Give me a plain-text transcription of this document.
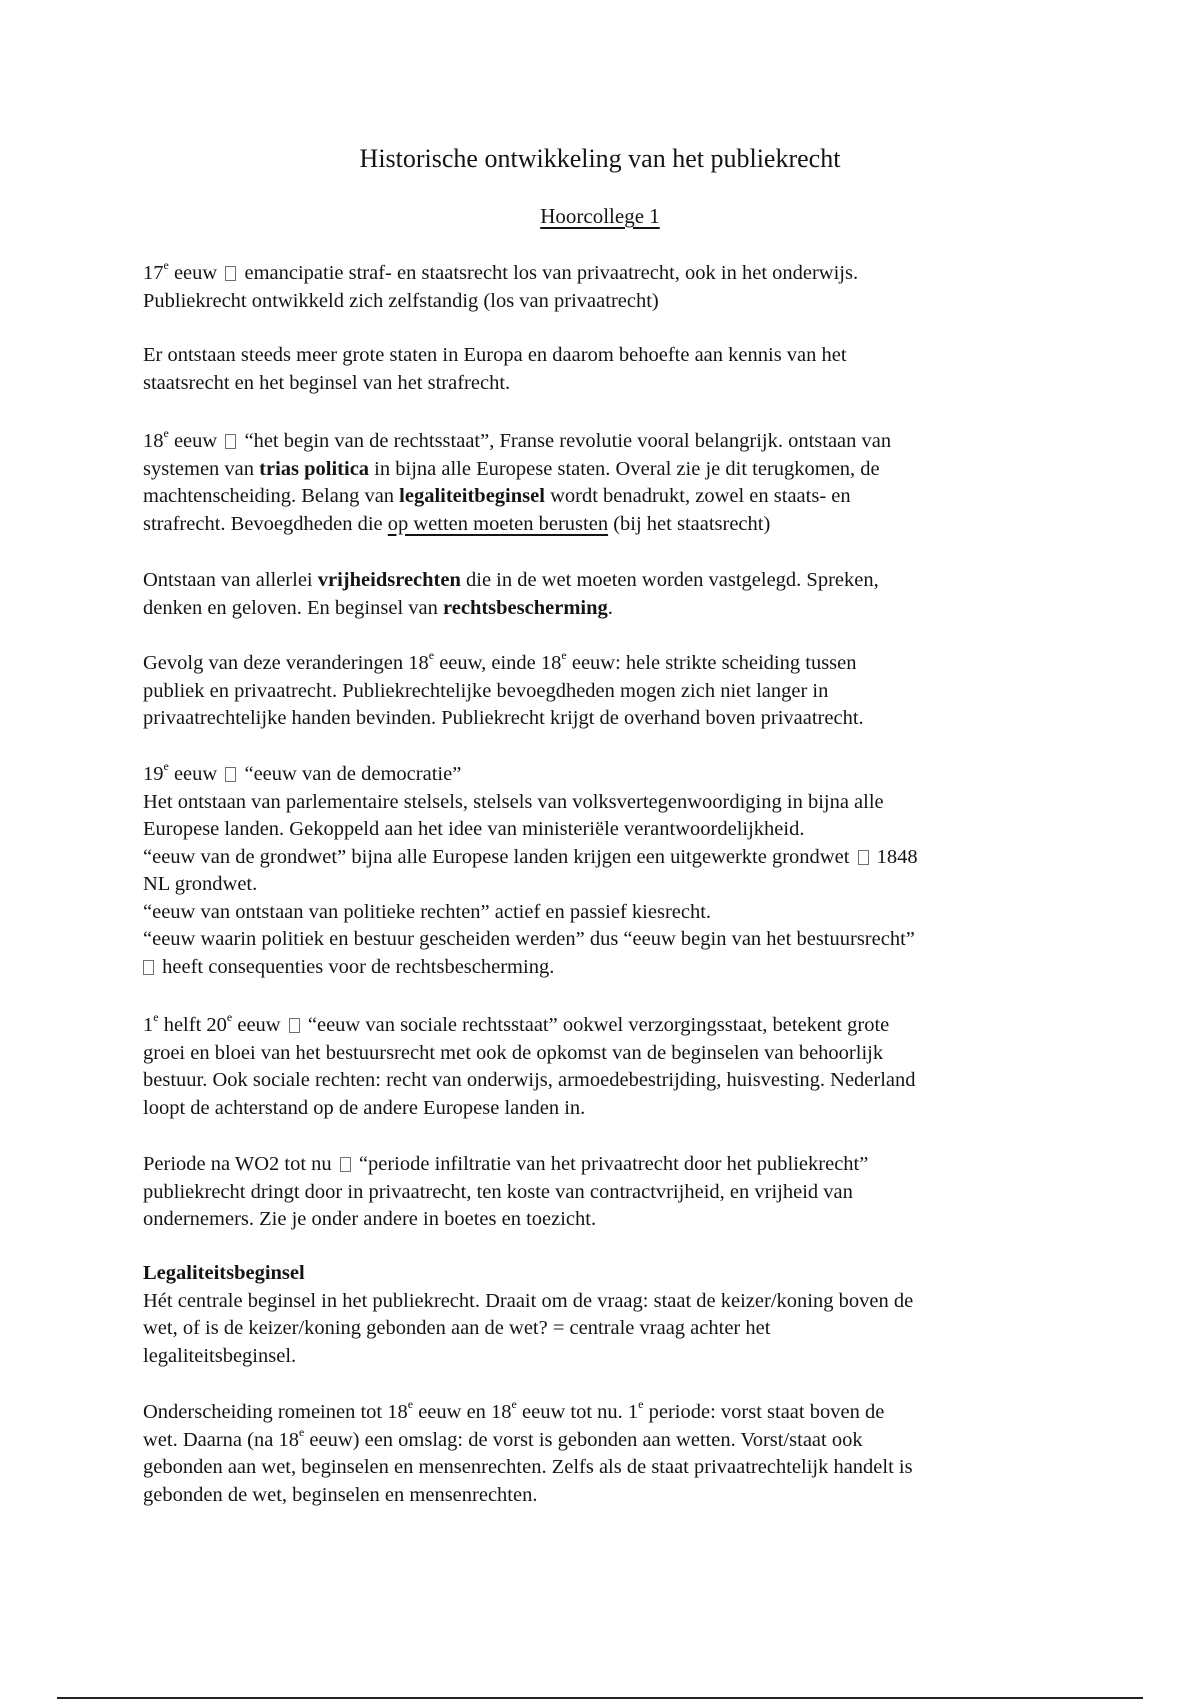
Historische ontwikkeling van het publiekrecht
Hoorcollege 1
17e eeuw  emancipatie straf- en staatsrecht los van privaatrecht, ook in het onderwijs.
Publiekrecht ontwikkeld zich zelfstandig (los van privaatrecht)
Er ontstaan steeds meer grote staten in Europa en daarom behoefte aan kennis van het
staatsrecht en het beginsel van het strafrecht.
18e eeuw  “het begin van de rechtsstaat”, Franse revolutie vooral belangrijk. ontstaan van
systemen van trias politica in bijna alle Europese staten. Overal zie je dit terugkomen, de
machtenscheiding. Belang van legaliteitbeginsel wordt benadrukt, zowel en staats- en
strafrecht. Bevoegdheden die op wetten moeten berusten (bij het staatsrecht)
Ontstaan van allerlei vrijheidsrechten die in de wet moeten worden vastgelegd. Spreken,
denken en geloven. En beginsel van rechtsbescherming.
Gevolg van deze veranderingen 18e eeuw, einde 18e eeuw: hele strikte scheiding tussen
publiek en privaatrecht. Publiekrechtelijke bevoegdheden mogen zich niet langer in
privaatrechtelijke handen bevinden. Publiekrecht krijgt de overhand boven privaatrecht.
19e eeuw  “eeuw van de democratie”
Het ontstaan van parlementaire stelsels, stelsels van volksvertegenwoordiging in bijna alle
Europese landen. Gekoppeld aan het idee van ministeriële verantwoordelijkheid.
“eeuw van de grondwet” bijna alle Europese landen krijgen een uitgewerkte grondwet  1848
NL grondwet.
“eeuw van ontstaan van politieke rechten” actief en passief kiesrecht.
“eeuw waarin politiek en bestuur gescheiden werden” dus “eeuw begin van het bestuursrecht”
heeft consequenties voor de rechtsbescherming.
1e helft 20e eeuw  “eeuw van sociale rechtsstaat” ookwel verzorgingsstaat, betekent grote
groei en bloei van het bestuursrecht met ook de opkomst van de beginselen van behoorlijk
bestuur. Ook sociale rechten: recht van onderwijs, armoedebestrijding, huisvesting. Nederland
loopt de achterstand op de andere Europese landen in.
Periode na WO2 tot nu  “periode infiltratie van het privaatrecht door het publiekrecht”
publiekrecht dringt door in privaatrecht, ten koste van contractvrijheid, en vrijheid van
ondernemers. Zie je onder andere in boetes en toezicht.
Legaliteitsbeginsel
Hét centrale beginsel in het publiekrecht. Draait om de vraag: staat de keizer/koning boven de
wet, of is de keizer/koning gebonden aan de wet? = centrale vraag achter het
legaliteitsbeginsel.
Onderscheiding romeinen tot 18e eeuw en 18e eeuw tot nu. 1e periode: vorst staat boven de
wet. Daarna (na 18e eeuw) een omslag: de vorst is gebonden aan wetten. Vorst/staat ook
gebonden aan wet, beginselen en mensenrechten. Zelfs als de staat privaatrechtelijk handelt is
gebonden de wet, beginselen en mensenrechten.
